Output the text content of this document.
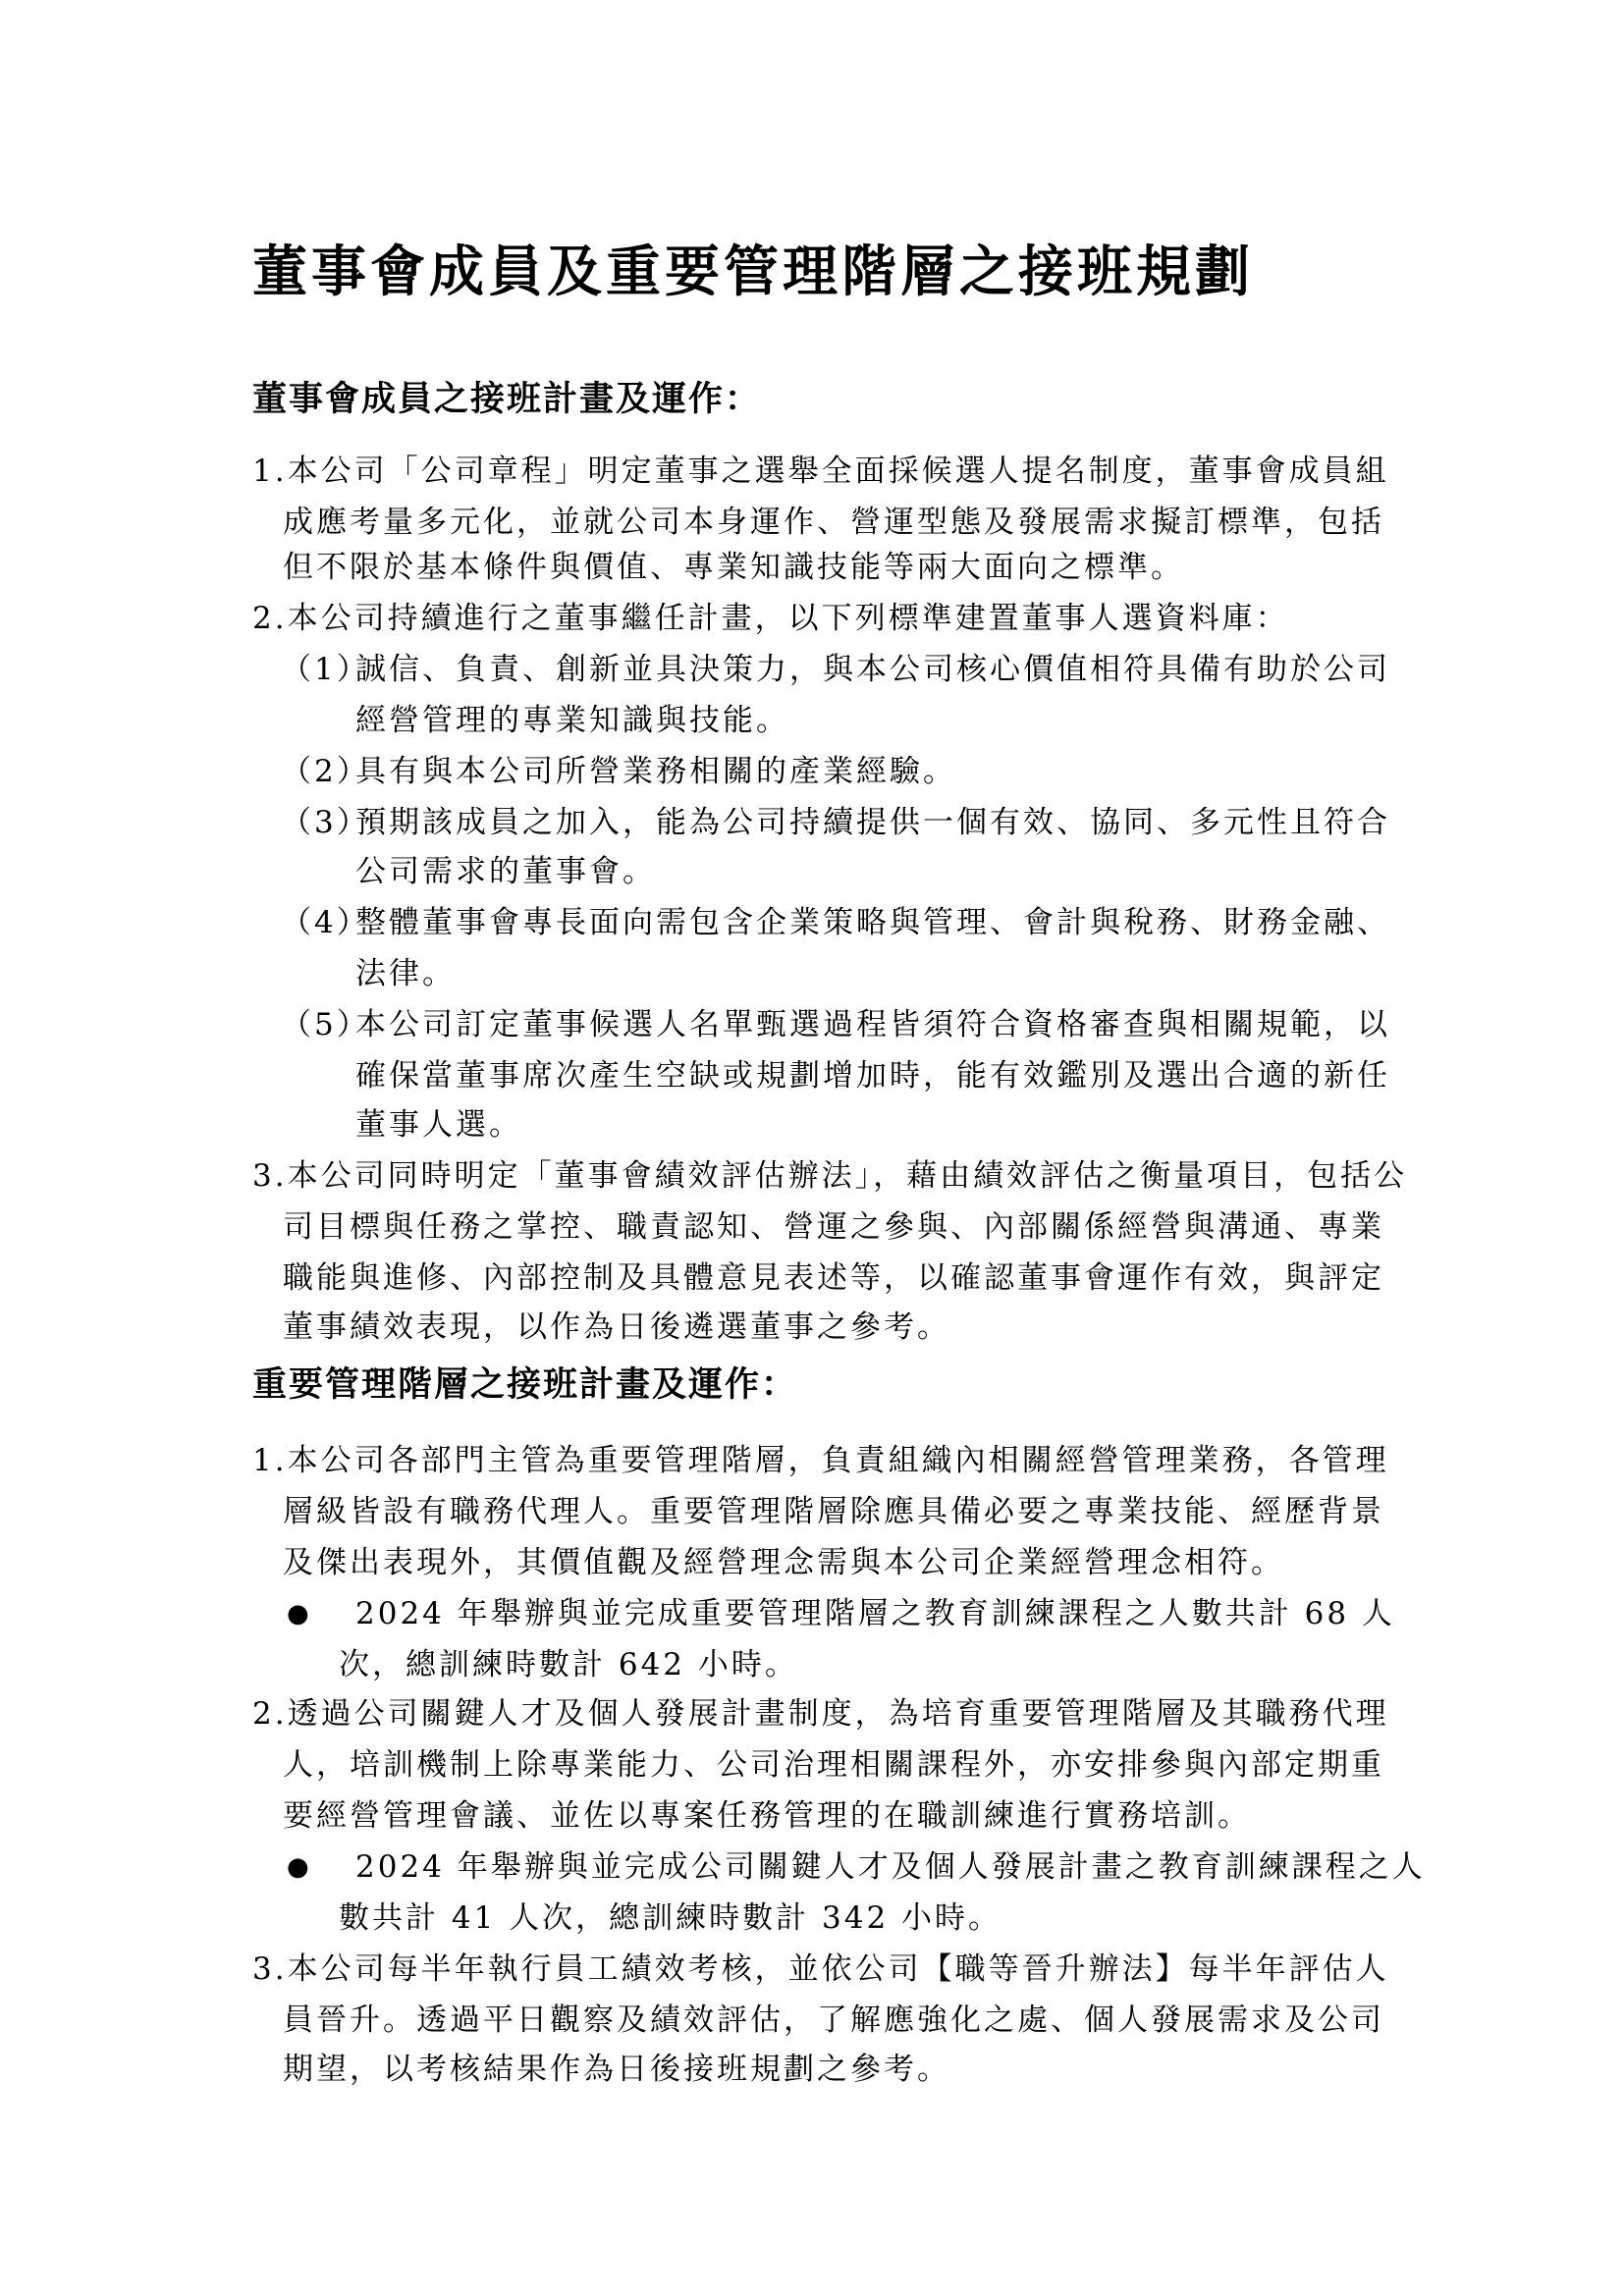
董事會成員及重要管理階層之接班規劃
董事會成員之接班計畫及運作：
1.本公司「公司章程」明定董事之選舉全面採候選人提名制度，董事會成員組
成應考量多元化，並就公司本身運作、營運型態及發展需求擬訂標準，包括
但不限於基本條件與價值、專業知識技能等兩大面向之標準。
2.本公司持續進行之董事繼任計畫，以下列標準建置董事人選資料庫：
（1）
誠信、負責、創新並具決策力，與本公司核心價值相符具備有助於公司
經營管理的專業知識與技能。
（2）
具有與本公司所營業務相關的產業經驗。
（3）
預期該成員之加入，能為公司持續提供一個有效、協同、多元性且符合
公司需求的董事會。
（4）
整體董事會專長面向需包含企業策略與管理、會計與稅務、財務金融、
法律。
（5）
本公司訂定董事候選人名單甄選過程皆須符合資格審查與相關規範，以
確保當董事席次產生空缺或規劃增加時，能有效鑑別及選出合適的新任
董事人選。
3.本公司同時明定「董事會績效評估辦法」，藉由績效評估之衡量項目，包括公
司目標與任務之掌控、職責認知、營運之參與、內部關係經營與溝通、專業
職能與進修、內部控制及具體意見表述等，以確認董事會運作有效，與評定
董事績效表現，以作為日後遴選董事之參考。
重要管理階層之接班計畫及運作：
1.本公司各部門主管為重要管理階層，負責組織內相關經營管理業務，各管理
層級皆設有職務代理人。重要管理階層除應具備必要之專業技能、經歷背景
及傑出表現外，其價值觀及經營理念需與本公司企業經營理念相符。
● 2024 年舉辦與並完成重要管理階層之教育訓練課程之人數共計 68 人
次，總訓練時數計 642 小時。
2.透過公司關鍵人才及個人發展計畫制度，為培育重要管理階層及其職務代理
人，培訓機制上除專業能力、公司治理相關課程外，亦安排參與內部定期重
要經營管理會議、並佐以專案任務管理的在職訓練進行實務培訓。
● 2024 年舉辦與並完成公司關鍵人才及個人發展計畫之教育訓練課程之人
數共計 41 人次，總訓練時數計 342 小時。
3.本公司每半年執行員工績效考核，並依公司【職等晉升辦法】每半年評估人
員晉升。透過平日觀察及績效評估，了解應強化之處、個人發展需求及公司
期望，以考核結果作為日後接班規劃之參考。
